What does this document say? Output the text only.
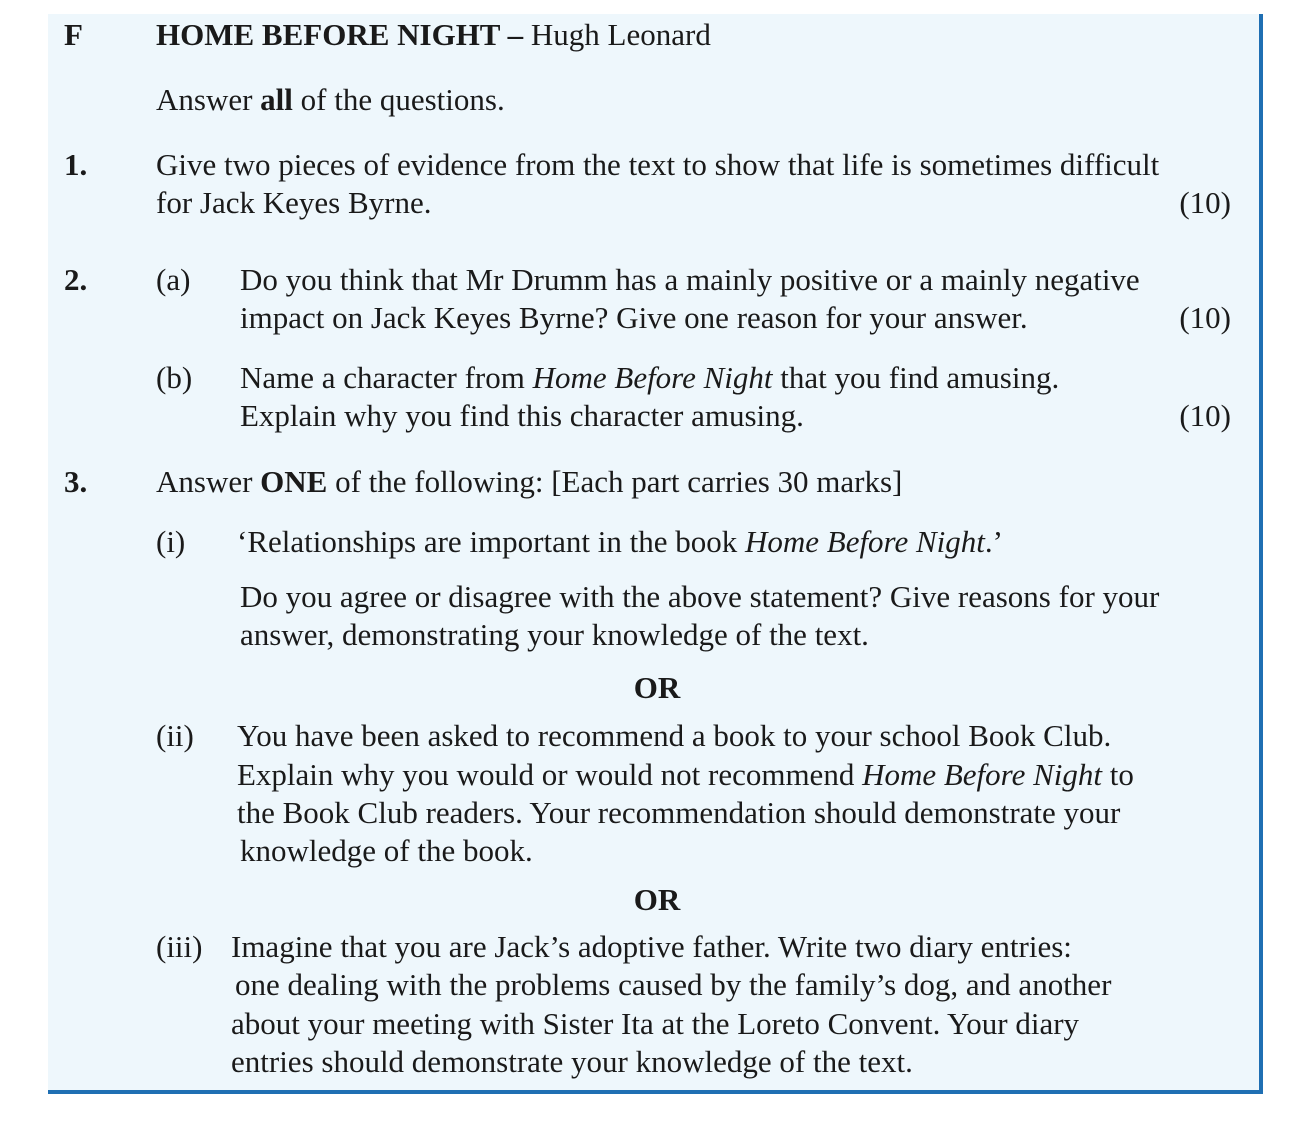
F HOME BEFORE NIGHT – Hugh Leonard
Answer all of the questions.
1. Give two pieces of evidence from the text to show that life is sometimes difficult
for Jack Keyes Byrne.	(10)
2. (a) Do you think that Mr Drumm has a mainly positive or a mainly negative
impact on Jack Keyes Byrne? Give one reason for your answer.	(10)
(b) Name a character from Home Before Night that you find amusing.
Explain why you find this character amusing.	(10)
3. Answer ONE of the following: [Each part carries 30 marks]
(i) ‘Relationships are important in the book Home Before Night.’
Do you agree or disagree with the above statement? Give reasons for your
answer, demonstrating your knowledge of the text.
OR
(ii) You have been asked to recommend a book to your school Book Club.
Explain why you would or would not recommend Home Before Night to
the Book Club readers. Your recommendation should demonstrate your
knowledge of the book.
OR
(iii) Imagine that you are Jack’s adoptive father. Write two diary entries:
one dealing with the problems caused by the family’s dog, and another
about your meeting with Sister Ita at the Loreto Convent. Your diary
entries should demonstrate your knowledge of the text.
